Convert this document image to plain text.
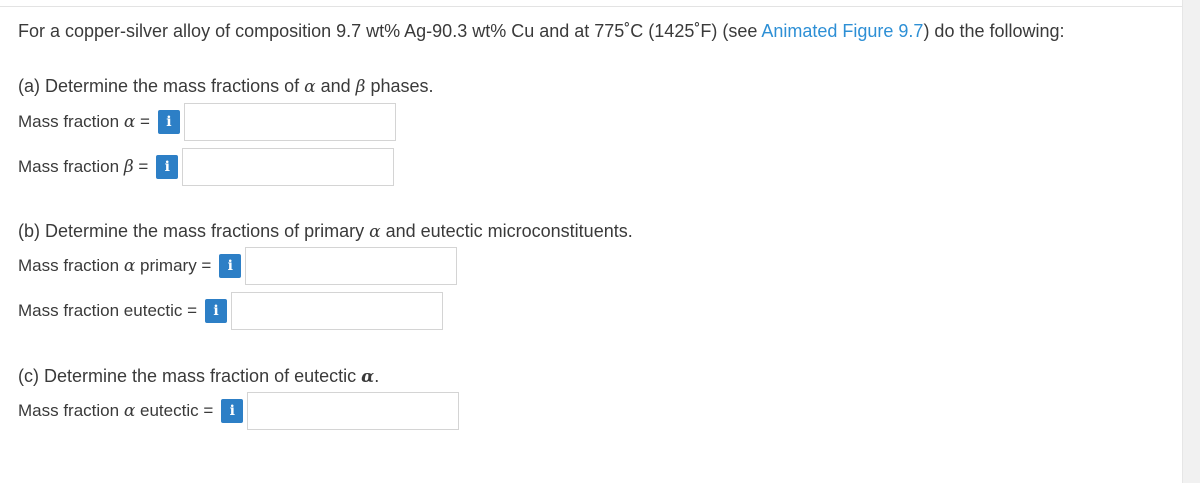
For a copper-silver alloy of composition 9.7 wt% Ag-90.3 wt% Cu and at 775˚C (1425˚F) (see Animated Figure 9.7) do the following:
(a) Determine the mass fractions of α and β phases.
Mass fraction α =	i
Mass fraction β =	i
(b) Determine the mass fractions of primary α and eutectic microconstituents.
Mass fraction α primary =	i
Mass fraction eutectic =	i
(c) Determine the mass fraction of eutectic α.
Mass fraction α eutectic =	i
